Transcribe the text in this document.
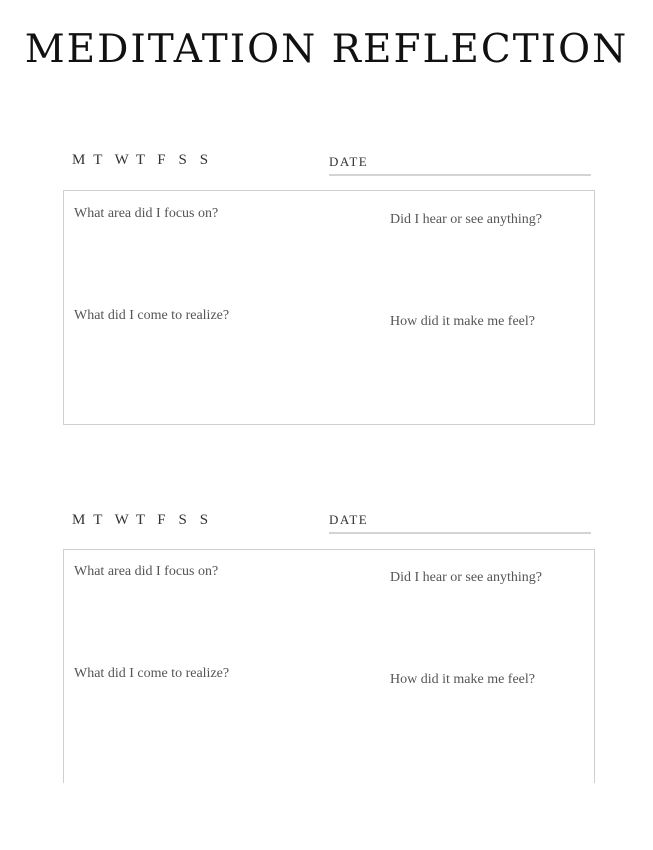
MEDITATION REFLECTION
M T W T F S S	DATE
What area did I focus on?	Did I hear or see anything?
What did I come to realize?	How did it make me feel?
M T W T F S S	DATE
What area did I focus on?	Did I hear or see anything?
What did I come to realize?	How did it make me feel?
